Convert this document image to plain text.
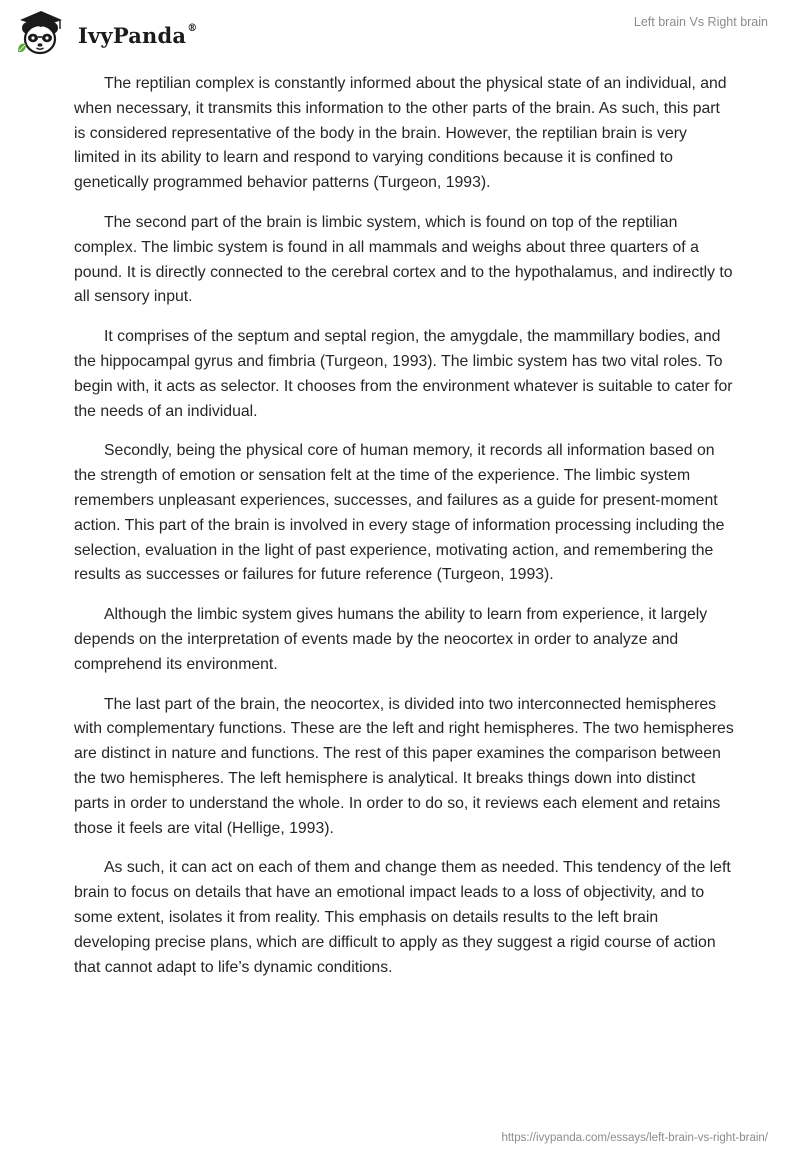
IvyPanda®	Left brain Vs Right brain

The reptilian complex is constantly informed about the physical state of an individual, and when necessary, it transmits this information to the other parts of the brain. As such, this part is considered representative of the body in the brain. However, the reptilian brain is very limited in its ability to learn and respond to varying conditions because it is confined to genetically programmed behavior patterns (Turgeon, 1993).

The second part of the brain is limbic system, which is found on top of the reptilian complex. The limbic system is found in all mammals and weighs about three quarters of a pound. It is directly connected to the cerebral cortex and to the hypothalamus, and indirectly to all sensory input.

It comprises of the septum and septal region, the amygdale, the mammillary bodies, and the hippocampal gyrus and fimbria (Turgeon, 1993). The limbic system has two vital roles. To begin with, it acts as selector. It chooses from the environment whatever is suitable to cater for the needs of an individual.

Secondly, being the physical core of human memory, it records all information based on the strength of emotion or sensation felt at the time of the experience. The limbic system remembers unpleasant experiences, successes, and failures as a guide for present-moment action. This part of the brain is involved in every stage of information processing including the selection, evaluation in the light of past experience, motivating action, and remembering the results as successes or failures for future reference (Turgeon, 1993).

Although the limbic system gives humans the ability to learn from experience, it largely depends on the interpretation of events made by the neocortex in order to analyze and comprehend its environment.

The last part of the brain, the neocortex, is divided into two interconnected hemispheres with complementary functions. These are the left and right hemispheres. The two hemispheres are distinct in nature and functions. The rest of this paper examines the comparison between the two hemispheres. The left hemisphere is analytical. It breaks things down into distinct parts in order to understand the whole. In order to do so, it reviews each element and retains those it feels are vital (Hellige, 1993).

As such, it can act on each of them and change them as needed. This tendency of the left brain to focus on details that have an emotional impact leads to a loss of objectivity, and to some extent, isolates it from reality. This emphasis on details results to the left brain developing precise plans, which are difficult to apply as they suggest a rigid course of action that cannot adapt to life’s dynamic conditions.

https://ivypanda.com/essays/left-brain-vs-right-brain/
